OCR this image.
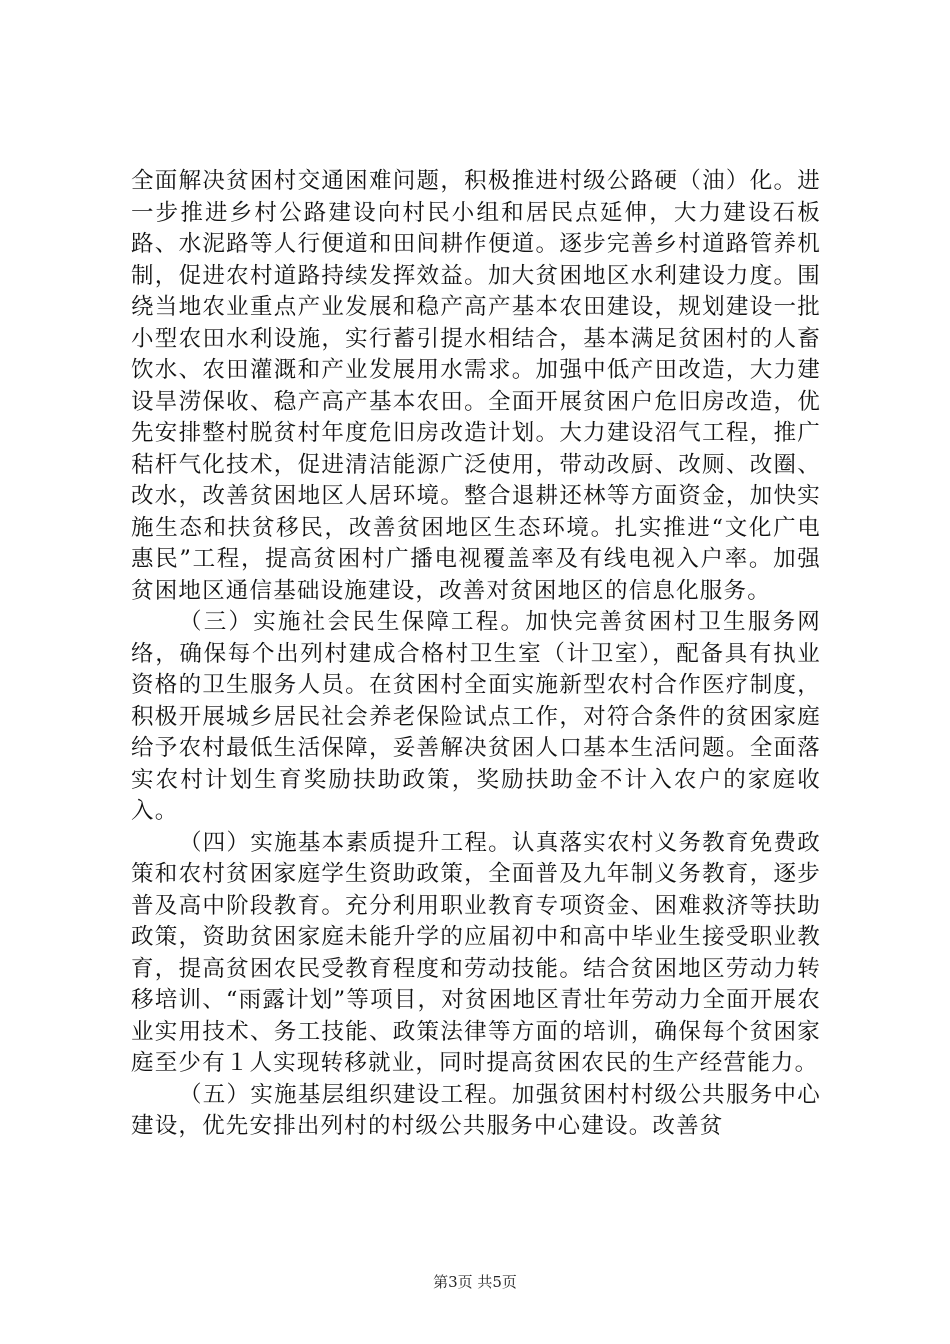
全面解决贫困村交通困难问题，积极推进村级公路硬（油）化。进一步推进乡村公路建设向村民小组和居民点延伸，大力建设石板路、水泥路等人行便道和田间耕作便道。逐步完善乡村道路管养机制，促进农村道路持续发挥效益。加大贫困地区水利建设力度。围绕当地农业重点产业发展和稳产高产基本农田建设，规划建设一批小型农田水利设施，实行蓄引提水相结合，基本满足贫困村的人畜饮水、农田灌溉和产业发展用水需求。加强中低产田改造，大力建设旱涝保收、稳产高产基本农田。全面开展贫困户危旧房改造，优先安排整村脱贫村年度危旧房改造计划。大力建设沼气工程，推广秸杆气化技术，促进清洁能源广泛使用，带动改厨、改厕、改圈、改水，改善贫困地区人居环境。整合退耕还林等方面资金，加快实施生态和扶贫移民，改善贫困地区生态环境。扎实推进“文化广电惠民”工程，提高贫困村广播电视覆盖率及有线电视入户率。加强贫困地区通信基础设施建设，改善对贫困地区的信息化服务。

（三）实施社会民生保障工程。加快完善贫困村卫生服务网络，确保每个出列村建成合格村卫生室（计卫室），配备具有执业资格的卫生服务人员。在贫困村全面实施新型农村合作医疗制度，积极开展城乡居民社会养老保险试点工作，对符合条件的贫困家庭给予农村最低生活保障，妥善解决贫困人口基本生活问题。全面落实农村计划生育奖励扶助政策，奖励扶助金不计入农户的家庭收入。

（四）实施基本素质提升工程。认真落实农村义务教育免费政策和农村贫困家庭学生资助政策，全面普及九年制义务教育，逐步普及高中阶段教育。充分利用职业教育专项资金、困难救济等扶助政策，资助贫困家庭未能升学的应届初中和高中毕业生接受职业教育，提高贫困农民受教育程度和劳动技能。结合贫困地区劳动力转移培训、“雨露计划”等项目，对贫困地区青壮年劳动力全面开展农业实用技术、务工技能、政策法律等方面的培训，确保每个贫困家庭至少有１人实现转移就业，同时提高贫困农民的生产经营能力。

（五）实施基层组织建设工程。加强贫困村村级公共服务中心建设，优先安排出列村的村级公共服务中心建设。改善贫

第3页 共5页
